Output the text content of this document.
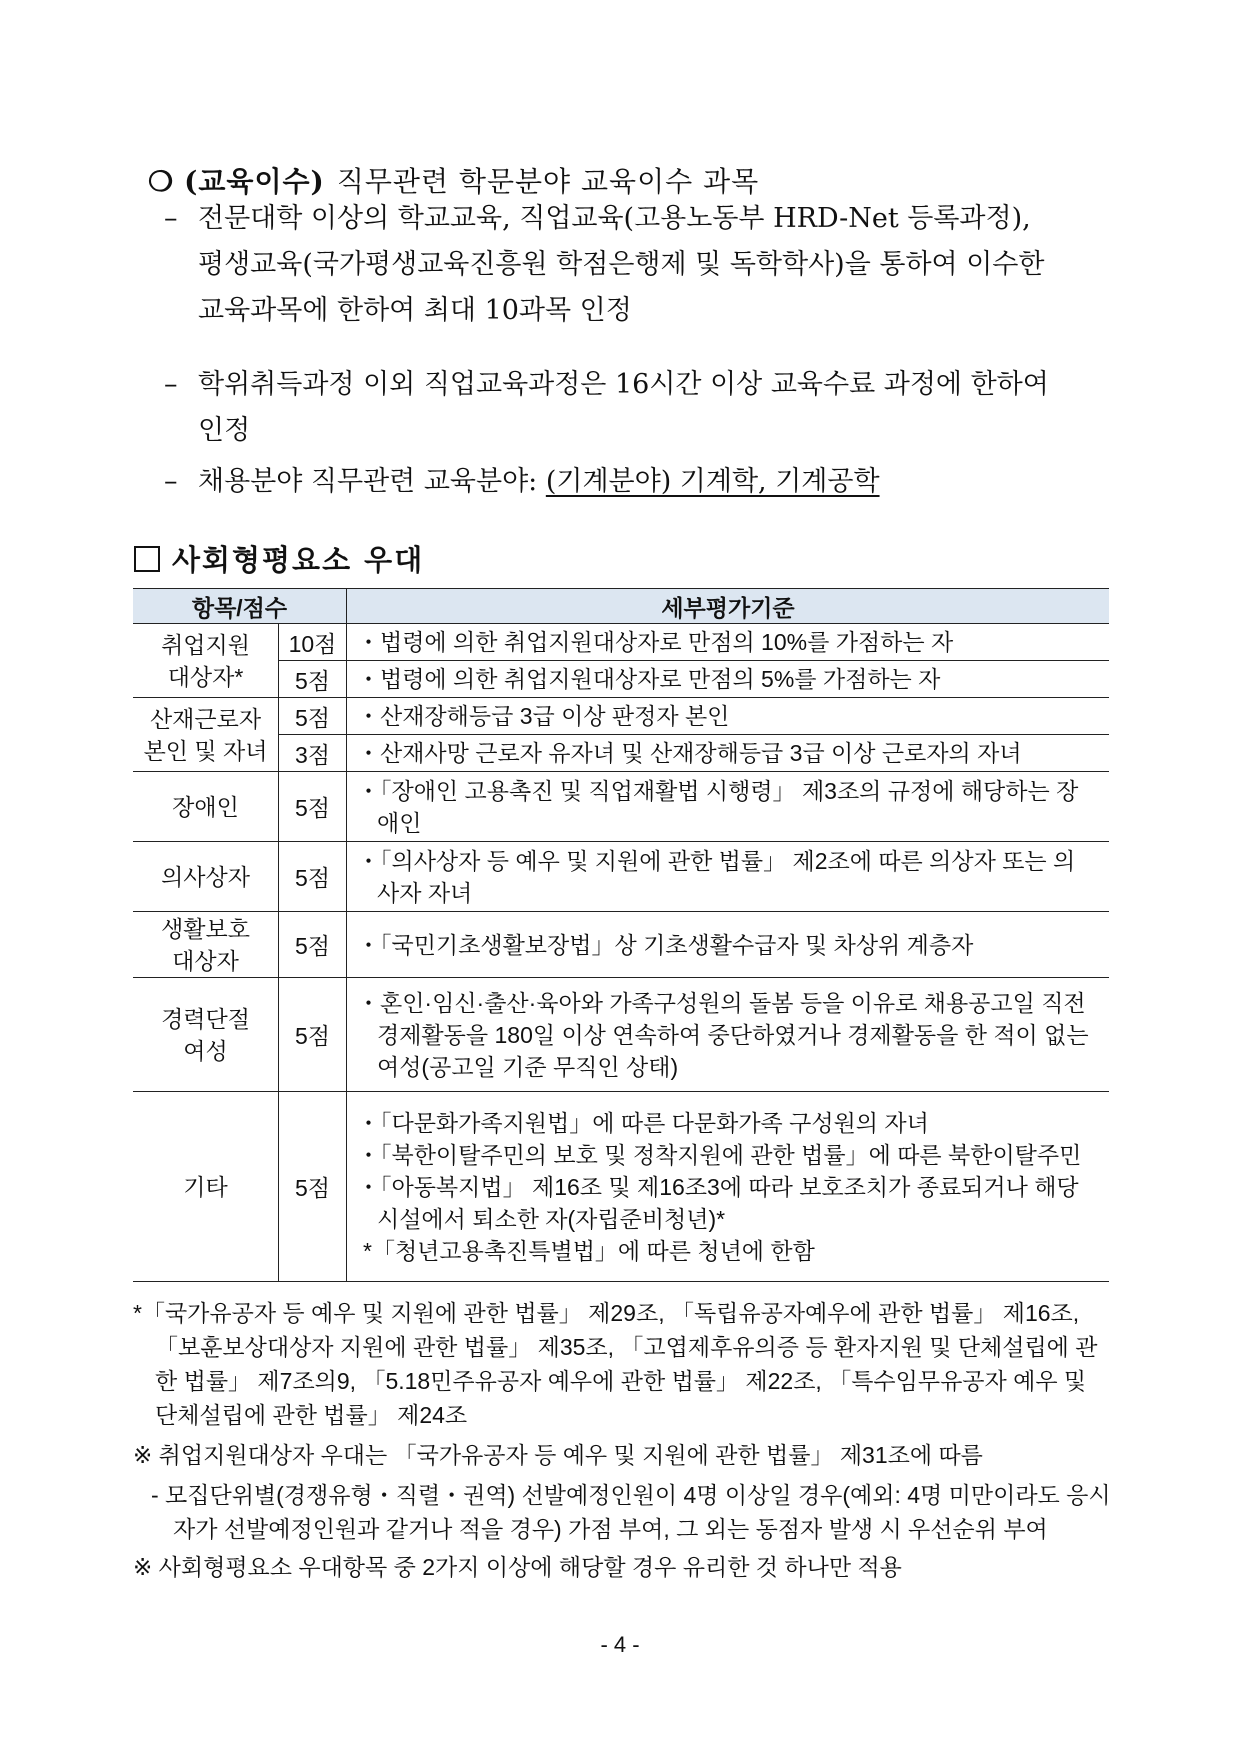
❍ (교육이수) 직무관련 학문분야 교육이수 과목
– 전문대학 이상의 학교교육, 직업교육(고용노동부 HRD-Net 등록과정),
평생교육(국가평생교육진흥원 학점은행제 및 독학학사)을 통하여 이수한
교육과목에 한하여 최대 10과목 인정
– 학위취득과정 이외 직업교육과정은 16시간 이상 교육수료 과정에 한하여
인정
– 채용분야 직무관련 교육분야: (기계분야) 기계학, 기계공학
사회형평요소 우대
항목/점수		세부평가기준

취업지원
대상자*	10점	・법령에 의한 취업지원대상자로 만점의 10%를 가점하는 자

	5점	・법령에 의한 취업지원대상자로 만점의 5%를 가점하는 자

산재근로자
본인 및 자녀	5점	・산재장해등급 3급 이상 판정자 본인

	3점	・산재사망 근로자 유자녀 및 산재장해등급 3급 이상 근로자의 자녀

장애인	5점	・「장애인 고용촉진 및 직업재활법 시행령」 제3조의 규정에 해당하는 장애인

의사상자	5점	・「의사상자 등 예우 및 지원에 관한 법률」 제2조에 따른 의상자 또는 의사자 자녀

생활보호
대상자	5점	・「국민기초생활보장법」상 기초생활수급자 및 차상위 계층자

경력단절
여성	5점	・혼인·임신·출산·육아와 가족구성원의 돌봄 등을 이유로 채용공고일 직전 경제활동을 180일 이상 연속하여 중단하였거나 경제활동을 한 적이 없는 여성(공고일 기준 무직인 상태)

기타	5점	・「다문화가족지원법」에 따른 다문화가족 구성원의 자녀
・「북한이탈주민의 보호 및 정착지원에 관한 법률」에 따른 북한이탈주민
・「아동복지법」 제16조 및 제16조3에 따라 보호조치가 종료되거나 해당 시설에서 퇴소한 자(자립준비청년)*
*「청년고용촉진특별법」에 따른 청년에 한함
*「국가유공자 등 예우 및 지원에 관한 법률」 제29조, 「독립유공자예우에 관한 법률」 제16조, 「보훈보상대상자 지원에 관한 법률」 제35조, 「고엽제후유의증 등 환자지원 및 단체설립에 관한 법률」 제7조의9, 「5.18민주유공자 예우에 관한 법률」 제22조, 「특수임무유공자 예우 및 단체설립에 관한 법률」 제24조
※ 취업지원대상자 우대는 「국가유공자 등 예우 및 지원에 관한 법률」 제31조에 따름
- 모집단위별(경쟁유형・직렬・권역) 선발예정인원이 4명 이상일 경우(예외: 4명 미만이라도 응시자가 선발예정인원과 같거나 적을 경우) 가점 부여, 그 외는 동점자 발생 시 우선순위 부여
※ 사회형평요소 우대항목 중 2가지 이상에 해당할 경우 유리한 것 하나만 적용
- 4 -
